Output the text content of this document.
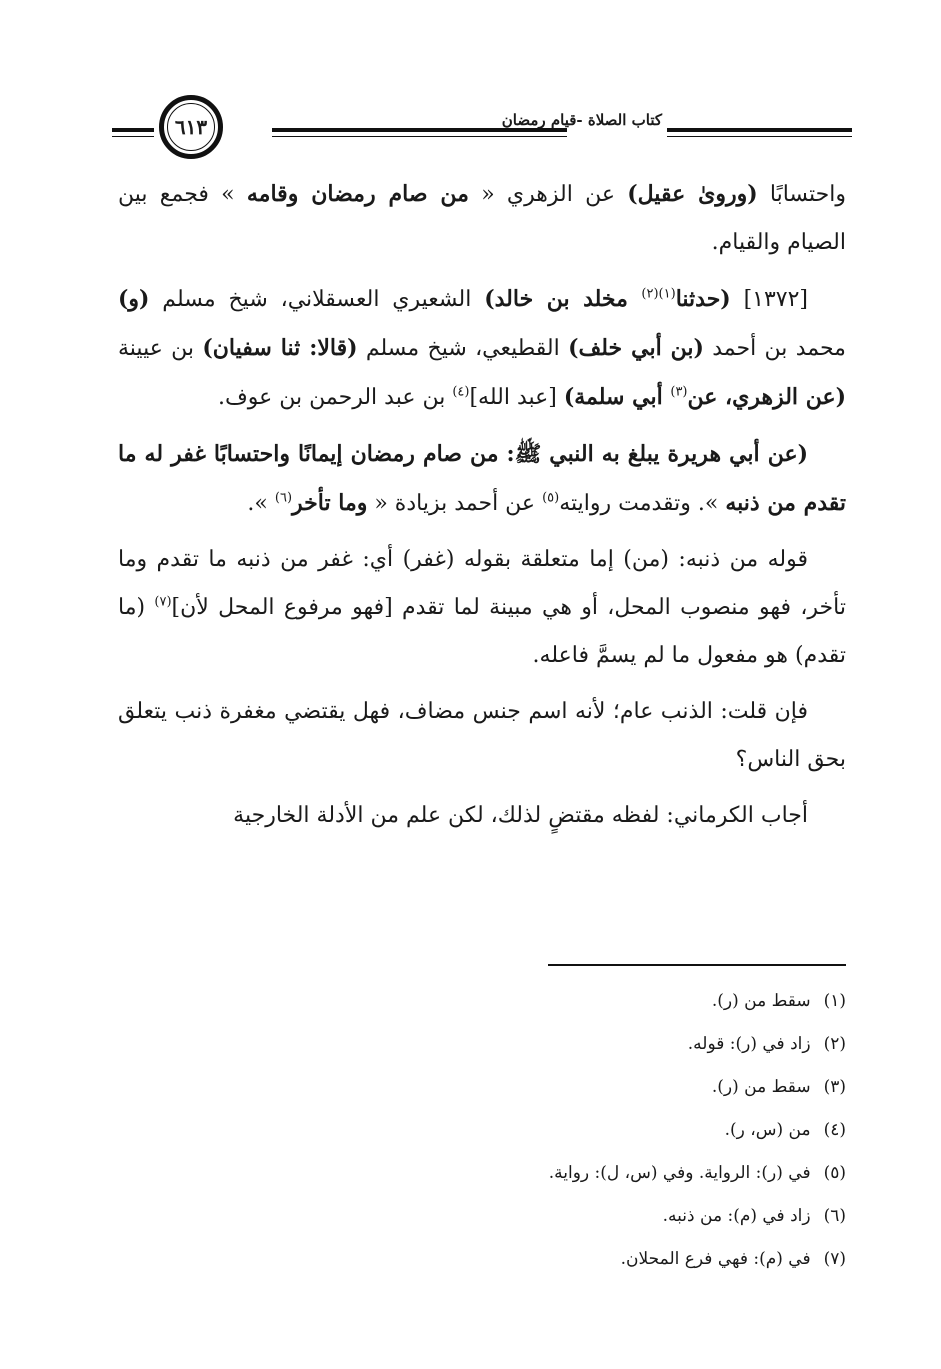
كتاب الصلاة -قيام رمضان
٦١٣

واحتسابًا (وروىٰ عقيل) عن الزهري « من صام رمضان وقامه » فجمع بين الصيام والقيام.

[١٣٧٢] (حدثنا$^{(١)(٢)}$ مخلد بن خالد) الشعيري العسقلاني، شيخ مسلم (و) محمد بن أحمد (بن أبي خلف) القطيعي، شيخ مسلم (قالا: ثنا سفيان) بن عيينة (عن الزهري، عن$^{(٣)}$ أبي سلمة) [عبد الله]$^{(٤)}$ بن عبد الرحمن بن عوف.

(عن أبي هريرة يبلغ به النبي ﷺ: من صام رمضان إيمانًا واحتسابًا غفر له ما تقدم من ذنبه ». وتقدمت روايته$^{(٥)}$ عن أحمد بزيادة « وما تأخر$^{(٦)}$ ».

قوله من ذنبه: (من) إما متعلقة بقوله (غفر) أي: غفر من ذنبه ما تقدم وما تأخر، فهو منصوب المحل، أو هي مبينة لما تقدم [فهو مرفوع المحل لأن]$^{(٧)}$ (ما تقدم) هو مفعول ما لم يسمَّ فاعله.

فإن قلت: الذنب عام؛ لأنه اسم جنس مضاف، فهل يقتضي مغفرة ذنب يتعلق بحق الناس؟

أجاب الكرماني: لفظه مقتضٍ لذلك، لكن علم من الأدلة الخارجية

(١) سقط من (ر).
(٢) زاد في (ر): قوله.
(٣) سقط من (ر).
(٤) من (س، ر).
(٥) في (ر): الرواية. وفي (س، ل): رواية.
(٦) زاد في (م): من ذنبه.
(٧) في (م): فهي فرع المحلان.
